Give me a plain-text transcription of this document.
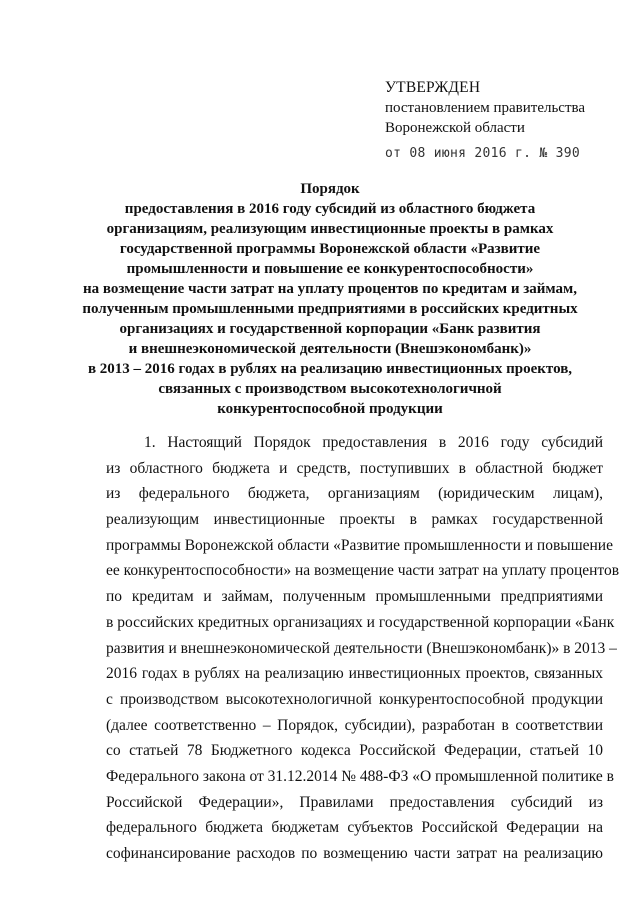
УТВЕРЖДЕН
постановлением правительства
Воронежской области
от 08 июня 2016 г. № 390
Порядок
предоставления в 2016 году субсидий из областного бюджета
организациям, реализующим инвестиционные проекты в рамках
государственной программы Воронежской области «Развитие
промышленности и повышение ее конкурентоспособности»
на возмещение части затрат на уплату процентов по кредитам и займам,
полученным промышленными предприятиями в российских кредитных
организациях и государственной корпорации «Банк развития
и внешнеэкономической деятельности (Внешэкономбанк)»
в 2013 – 2016 годах в рублях на реализацию инвестиционных проектов,
связанных с производством высокотехнологичной
конкурентоспособной продукции
1. Настоящий Порядок предоставления в 2016 году субсидий
из областного бюджета и средств, поступивших в областной бюджет
из федерального бюджета, организациям (юридическим лицам),
реализующим инвестиционные проекты в рамках государственной
программы Воронежской области «Развитие промышленности и повышение
ее конкурентоспособности» на возмещение части затрат на уплату процентов
по кредитам и займам, полученным промышленными предприятиями
в российских кредитных организациях и государственной корпорации «Банк
развития и внешнеэкономической деятельности (Внешэкономбанк)» в 2013 –
2016 годах в рублях на реализацию инвестиционных проектов, связанных
с производством высокотехнологичной конкурентоспособной продукции
(далее соответственно – Порядок, субсидии), разработан в соответствии
со статьей 78 Бюджетного кодекса Российской Федерации, статьей 10
Федерального закона от 31.12.2014 № 488-ФЗ «О промышленной политике в
Российской Федерации», Правилами предоставления субсидий из
федерального бюджета бюджетам субъектов Российской Федерации на
софинансирование расходов по возмещению части затрат на реализацию
